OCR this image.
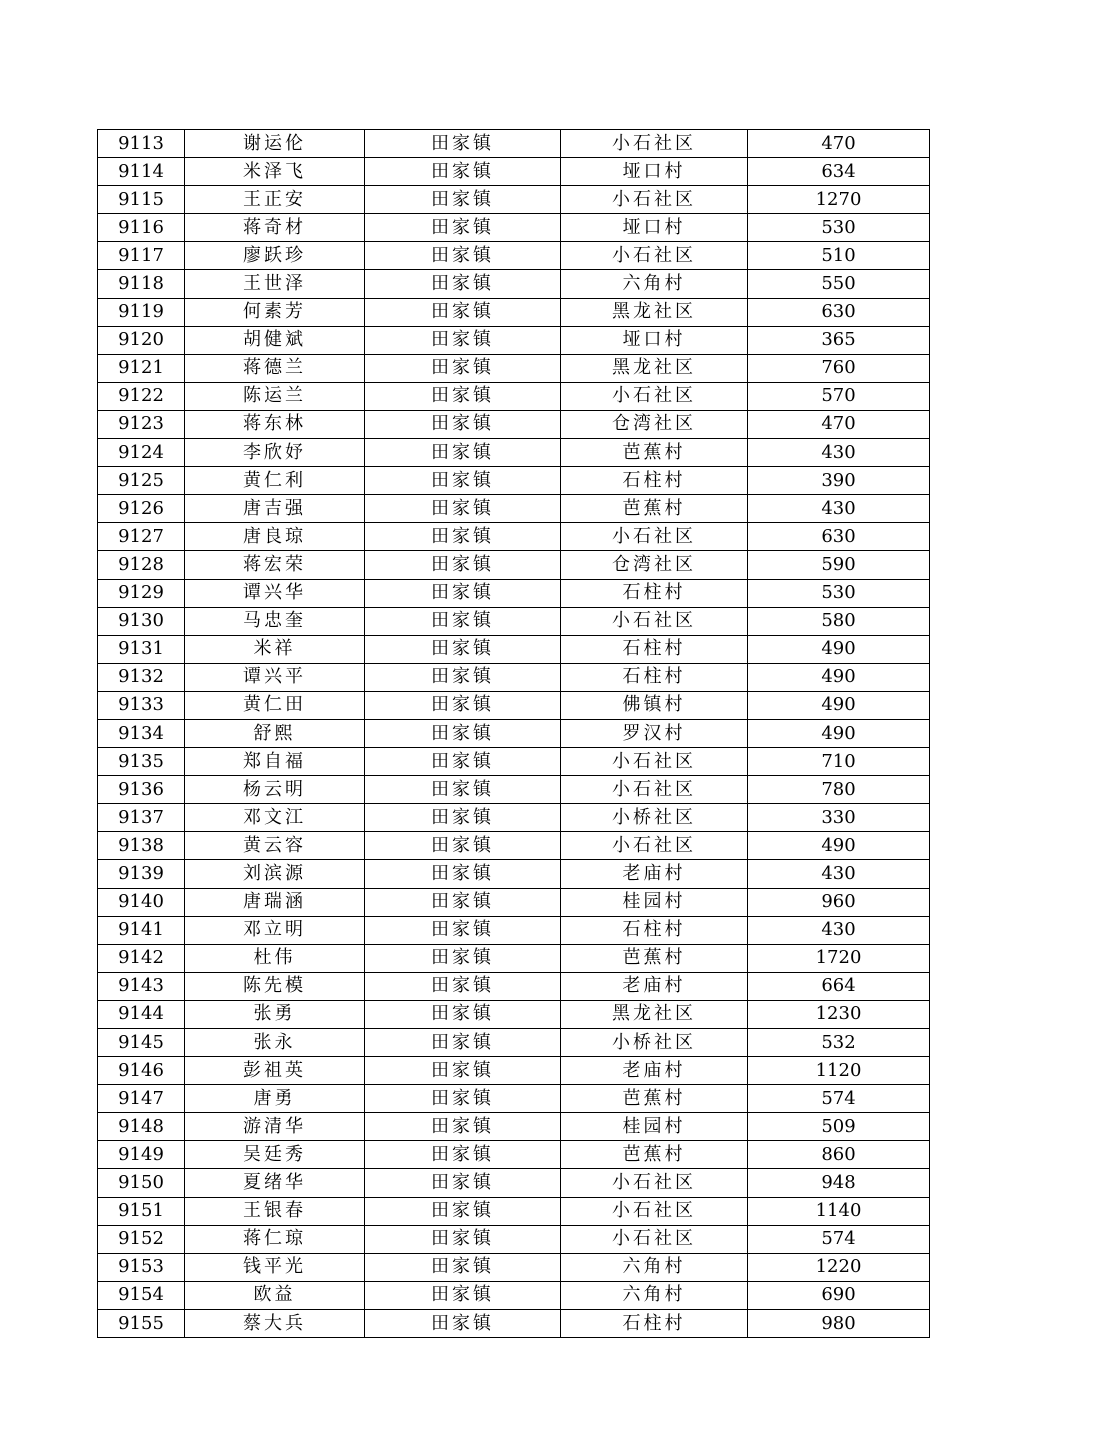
9113	谢运伦	田家镇	小石社区	470
9114	米泽飞	田家镇	垭口村	634
9115	王正安	田家镇	小石社区	1270
9116	蒋奇材	田家镇	垭口村	530
9117	廖跃珍	田家镇	小石社区	510
9118	王世泽	田家镇	六角村	550
9119	何素芳	田家镇	黑龙社区	630
9120	胡健斌	田家镇	垭口村	365
9121	蒋德兰	田家镇	黑龙社区	760
9122	陈运兰	田家镇	小石社区	570
9123	蒋东林	田家镇	仓湾社区	470
9124	李欣妤	田家镇	芭蕉村	430
9125	黄仁利	田家镇	石柱村	390
9126	唐吉强	田家镇	芭蕉村	430
9127	唐良琼	田家镇	小石社区	630
9128	蒋宏荣	田家镇	仓湾社区	590
9129	谭兴华	田家镇	石柱村	530
9130	马忠奎	田家镇	小石社区	580
9131	米祥	田家镇	石柱村	490
9132	谭兴平	田家镇	石柱村	490
9133	黄仁田	田家镇	佛镇村	490
9134	舒熙	田家镇	罗汉村	490
9135	郑自福	田家镇	小石社区	710
9136	杨云明	田家镇	小石社区	780
9137	邓文江	田家镇	小桥社区	330
9138	黄云容	田家镇	小石社区	490
9139	刘滨源	田家镇	老庙村	430
9140	唐瑞涵	田家镇	桂园村	960
9141	邓立明	田家镇	石柱村	430
9142	杜伟	田家镇	芭蕉村	1720
9143	陈先模	田家镇	老庙村	664
9144	张勇	田家镇	黑龙社区	1230
9145	张永	田家镇	小桥社区	532
9146	彭祖英	田家镇	老庙村	1120
9147	唐勇	田家镇	芭蕉村	574
9148	游清华	田家镇	桂园村	509
9149	吴廷秀	田家镇	芭蕉村	860
9150	夏绪华	田家镇	小石社区	948
9151	王银春	田家镇	小石社区	1140
9152	蒋仁琼	田家镇	小石社区	574
9153	钱平光	田家镇	六角村	1220
9154	欧益	田家镇	六角村	690
9155	蔡大兵	田家镇	石柱村	980
